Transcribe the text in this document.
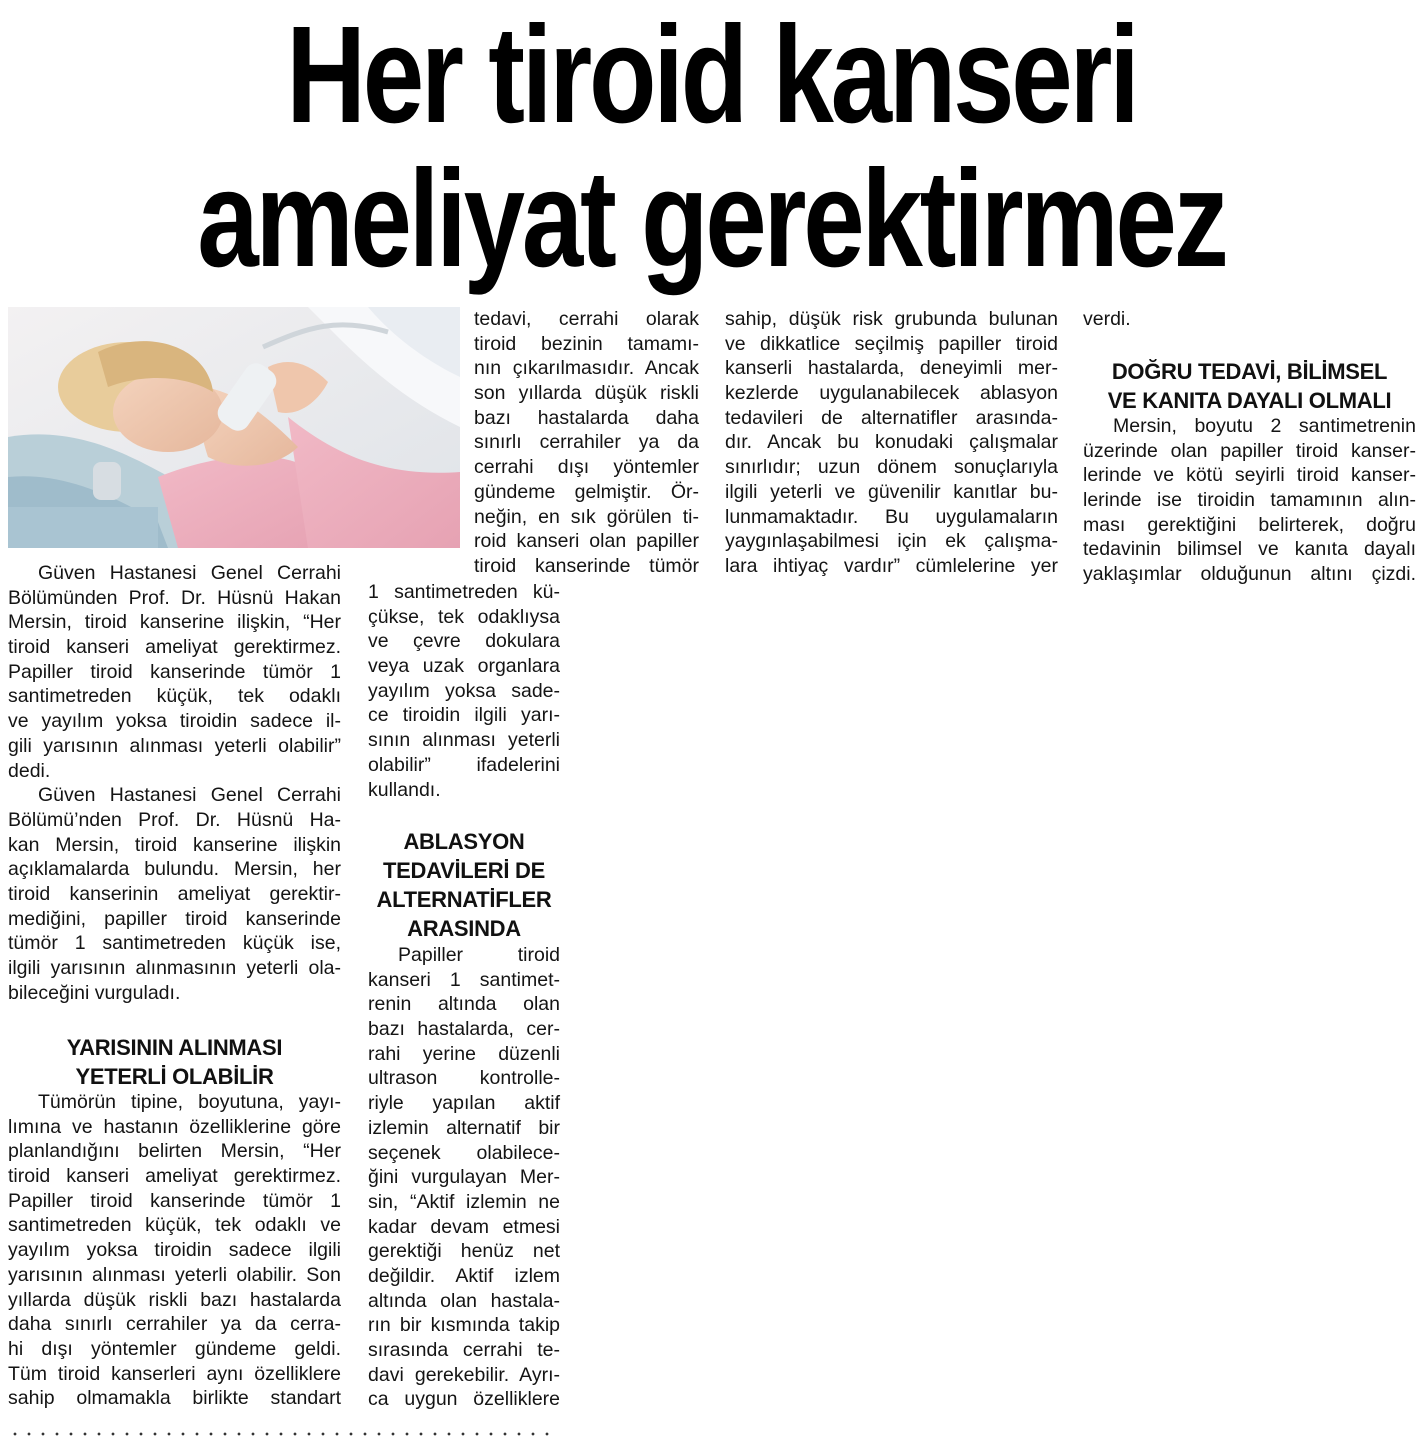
Her tiroid kanseri
ameliyat gerektirmez
Güven Hastanesi Genel Cerrahi
Bölümünden Prof. Dr. Hüsnü Hakan
Mersin, tiroid kanserine ilişkin, “Her
tiroid kanseri ameliyat gerektirmez.
Papiller tiroid kanserinde tümör 1
santimetreden küçük, tek odaklı
ve yayılım yoksa tiroidin sadece il-
gili yarısının alınması yeterli olabilir”
dedi.
Güven Hastanesi Genel Cerrahi
Bölümü’nden Prof. Dr. Hüsnü Ha-
kan Mersin, tiroid kanserine ilişkin
açıklamalarda bulundu. Mersin, her
tiroid kanserinin ameliyat gerektir-
mediğini, papiller tiroid kanserinde
tümör 1 santimetreden küçük ise,
ilgili yarısının alınmasının yeterli ola-
bileceğini vurguladı.
YARISININ ALINMASI
YETERLİ OLABİLİR
Tümörün tipine, boyutuna, yayı-
lımına ve hastanın özelliklerine göre
planlandığını belirten Mersin, “Her
tiroid kanseri ameliyat gerektirmez.
Papiller tiroid kanserinde tümör 1
santimetreden küçük, tek odaklı ve
yayılım yoksa tiroidin sadece ilgili
yarısının alınması yeterli olabilir. Son
yıllarda düşük riskli bazı hastalarda
daha sınırlı cerrahiler ya da cerra-
hi dışı yöntemler gündeme geldi.
Tüm tiroid kanserleri aynı özelliklere
sahip olmamakla birlikte standart
tedavi, cerrahi olarak
tiroid bezinin tamamı-
nın çıkarılmasıdır. Ancak
son yıllarda düşük riskli
bazı hastalarda daha
sınırlı cerrahiler ya da
cerrahi dışı yöntemler
gündeme gelmiştir. Ör-
neğin, en sık görülen ti-
roid kanseri olan papiller
tiroid kanserinde tümör
1 santimetreden kü-
çükse, tek odaklıysa
ve çevre dokulara
veya uzak organlara
yayılım yoksa sade-
ce tiroidin ilgili yarı-
sının alınması yeterli
olabilir” ifadelerini
kullandı.
ABLASYON
TEDAVİLERİ DE
ALTERNATİFLER
ARASINDA
Papiller tiroid
kanseri 1 santimet-
renin altında olan
bazı hastalarda, cer-
rahi yerine düzenli
ultrason kontrolle-
riyle yapılan aktif
izlemin alternatif bir
seçenek olabilece-
ğini vurgulayan Mer-
sin, “Aktif izlemin ne
kadar devam etmesi
gerektiği henüz net
değildir. Aktif izlem
altında olan hastala-
rın bir kısmında takip
sırasında cerrahi te-
davi gerekebilir. Ayrı-
ca uygun özelliklere
sahip, düşük risk grubunda bulunan
ve dikkatlice seçilmiş papiller tiroid
kanserli hastalarda, deneyimli mer-
kezlerde uygulanabilecek ablasyon
tedavileri de alternatifler arasında-
dır. Ancak bu konudaki çalışmalar
sınırlıdır; uzun dönem sonuçlarıyla
ilgili yeterli ve güvenilir kanıtlar bu-
lunmamaktadır. Bu uygulamaların
yaygınlaşabilmesi için ek çalışma-
lara ihtiyaç vardır” cümlelerine yer
verdi.
DOĞRU TEDAVİ, BİLİMSEL
VE KANITA DAYALI OLMALI
Mersin, boyutu 2 santimetrenin
üzerinde olan papiller tiroid kanser-
lerinde ve kötü seyirli tiroid kanser-
lerinde ise tiroidin tamamının alın-
ması gerektiğini belirterek, doğru
tedavinin bilimsel ve kanıta dayalı
yaklaşımlar olduğunun altını çizdi.
